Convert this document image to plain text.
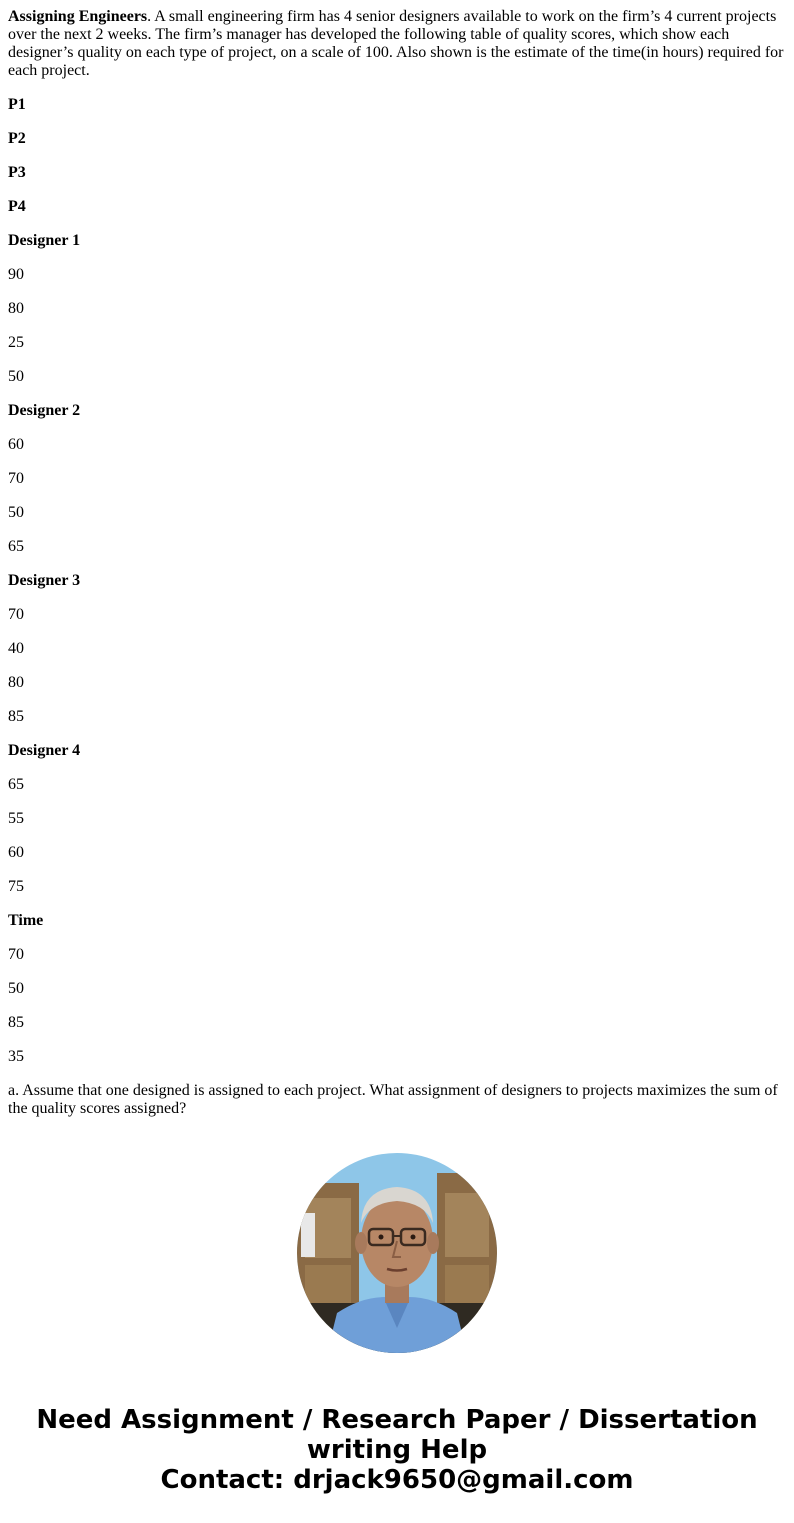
Assigning Engineers. A small engineering firm has 4 senior designers available to work on the firm’s 4 current projects over the next 2 weeks. The firm’s manager has developed the following table of quality scores, which show each designer’s quality on each type of project, on a scale of 100. Also shown is the estimate of the time(in hours) required for each project.

P1

P2

P3

P4

Designer 1

90

80

25

50

Designer 2

60

70

50

65

Designer 3

70

40

80

85

Designer 4

65

55

60

75

Time

70

50

85

35

a. Assume that one designed is assigned to each project. What assignment of designers to projects maximizes the sum of the quality scores assigned?

Need Assignment / Research Paper / Dissertation
writing Help
Contact: drjack9650@gmail.com
